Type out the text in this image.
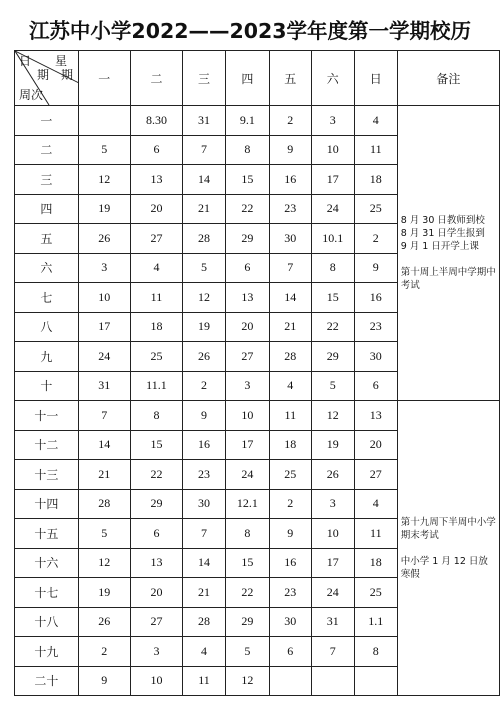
江苏中小学2022——2023学年度第一学期校历
日 星
期 期
周次	一	二	三	四	五	六	日	备注
一		8.30	31	9.1	2	3	4	8 月 30 日教师到校
8 月 31 日学生报到
9 月 1 日开学上课

第十周上半周中学期中考试

二	5	6	7	8	9	10	11	
三	12	13	14	15	16	17	18	
四	19	20	21	22	23	24	25	
五	26	27	28	29	30	10.1	2	
六	3	4	5	6	7	8	9	
七	10	11	12	13	14	15	16	
八	17	18	19	20	21	22	23	
九	24	25	26	27	28	29	30	
十	31	11.1	2	3	4	5	6	
十一	7	8	9	10	11	12	13	第十九周下半周中小学期末考试

中小学 1 月 12 日放寒假

十二	14	15	16	17	18	19	20	
十三	21	22	23	24	25	26	27	
十四	28	29	30	12.1	2	3	4	
十五	5	6	7	8	9	10	11	
十六	12	13	14	15	16	17	18	
十七	19	20	21	22	23	24	25	
十八	26	27	28	29	30	31	1.1	
十九	2	3	4	5	6	7	8	
二十	9	10	11	12				
